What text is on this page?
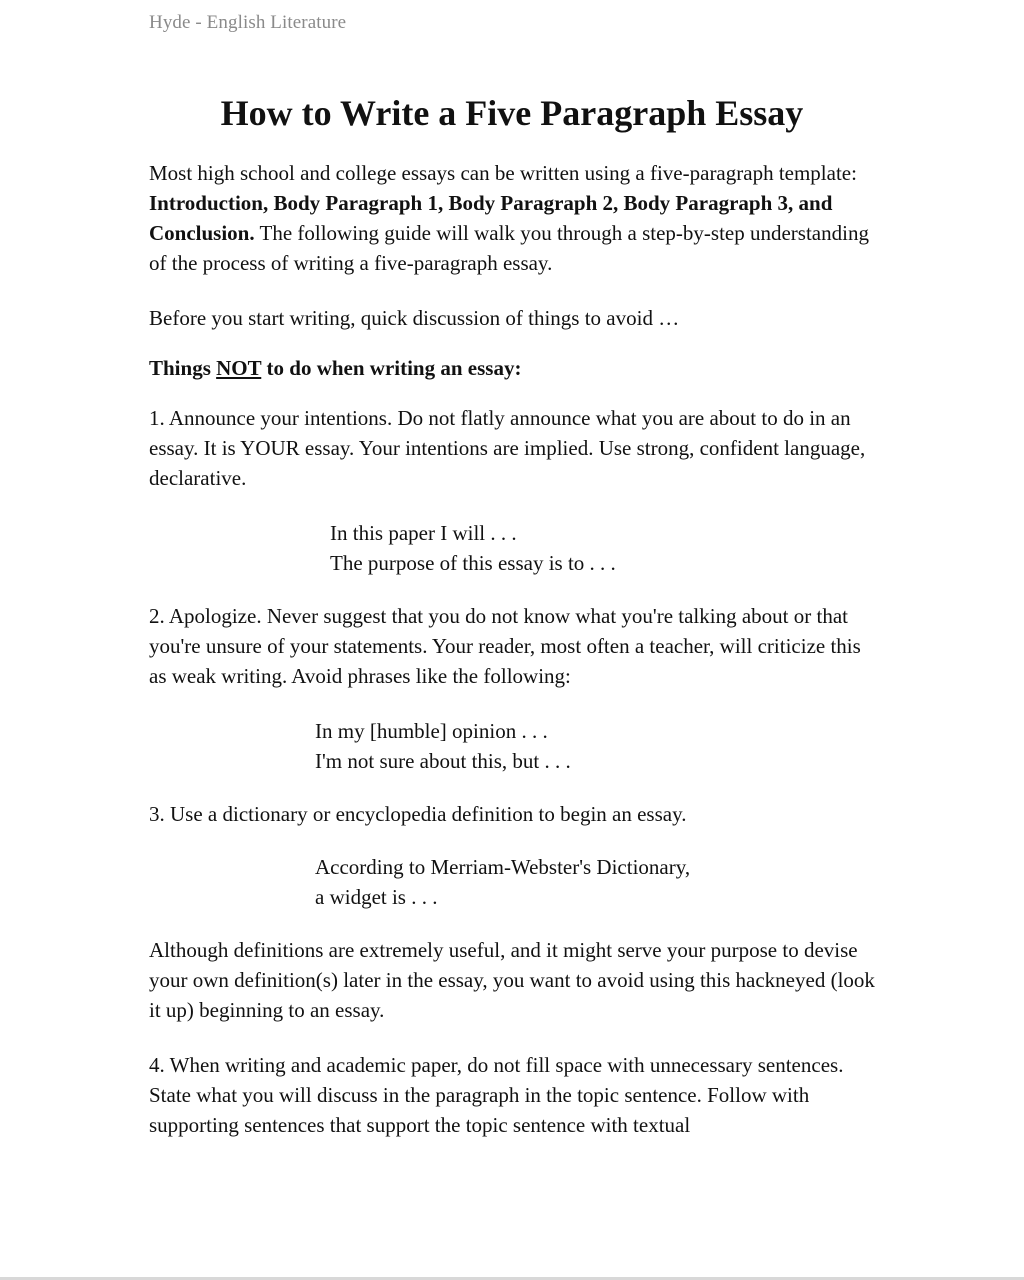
Hyde - English Literature
How to Write a Five Paragraph Essay

Most high school and college essays can be written using a five-paragraph template: Introduction, Body Paragraph 1, Body Paragraph 2, Body Paragraph 3, and Conclusion. The following guide will walk you through a step-by-step understanding of the process of writing a five-paragraph essay.

Before you start writing, quick discussion of things to avoid …

Things NOT to do when writing an essay:

1. Announce your intentions. Do not flatly announce what you are about to do in an essay. It is YOUR essay. Your intentions are implied. Use strong, confident language, declarative.

In this paper I will . . .
The purpose of this essay is to . . .

2. Apologize. Never suggest that you do not know what you're talking about or that you're unsure of your statements. Your reader, most often a teacher, will criticize this as weak writing. Avoid phrases like the following:

In my [humble] opinion . . .
I'm not sure about this, but . . .

3. Use a dictionary or encyclopedia definition to begin an essay.

According to Merriam-Webster's Dictionary,
a widget is . . .

Although definitions are extremely useful, and it might serve your purpose to devise your own definition(s) later in the essay, you want to avoid using this hackneyed (look it up) beginning to an essay.

4. When writing and academic paper, do not fill space with unnecessary sentences. State what you will discuss in the paragraph in the topic sentence. Follow with supporting sentences that support the topic sentence with textual
